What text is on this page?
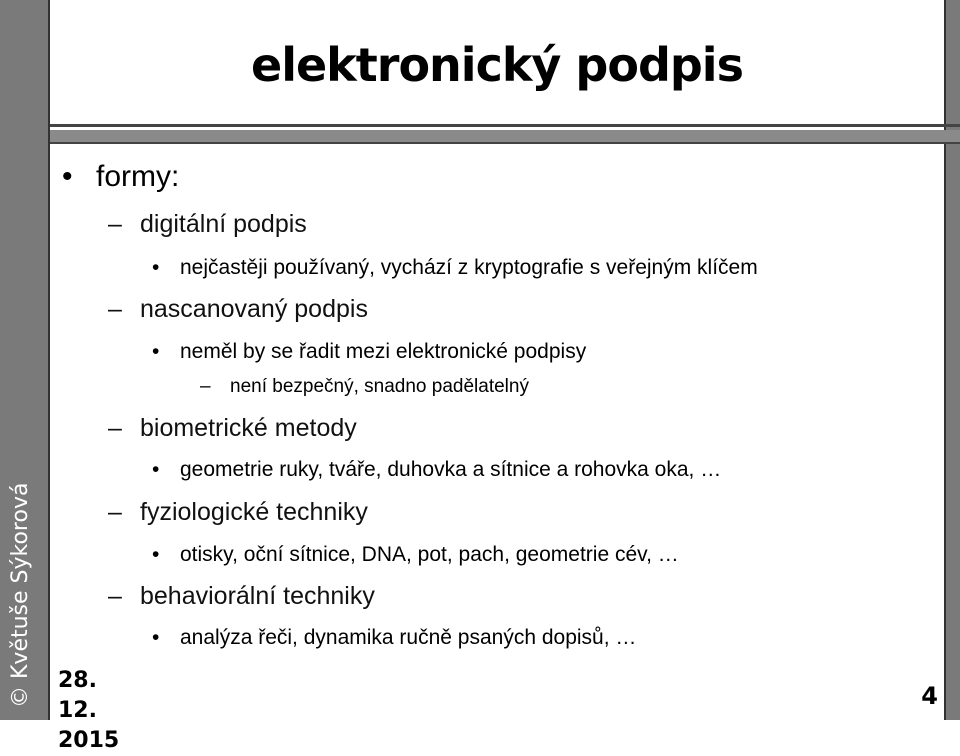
© Květuše Sýkorová
elektronický podpis
• formy:
– digitální podpis
• nejčastěji používaný, vychází z kryptografie s veřejným klíčem
– nascanovaný podpis
• neměl by se řadit mezi elektronické podpisy
– není bezpečný, snadno padělatelný
– biometrické metody
• geometrie ruky, tváře, duhovka a sítnice a rohovka oka, …
– fyziologické techniky
• otisky, oční sítnice, DNA, pot, pach, geometrie cév, …
– behaviorální techniky
• analýza řeči, dynamika ručně psaných dopisů, …
28. 12. 2015
4
